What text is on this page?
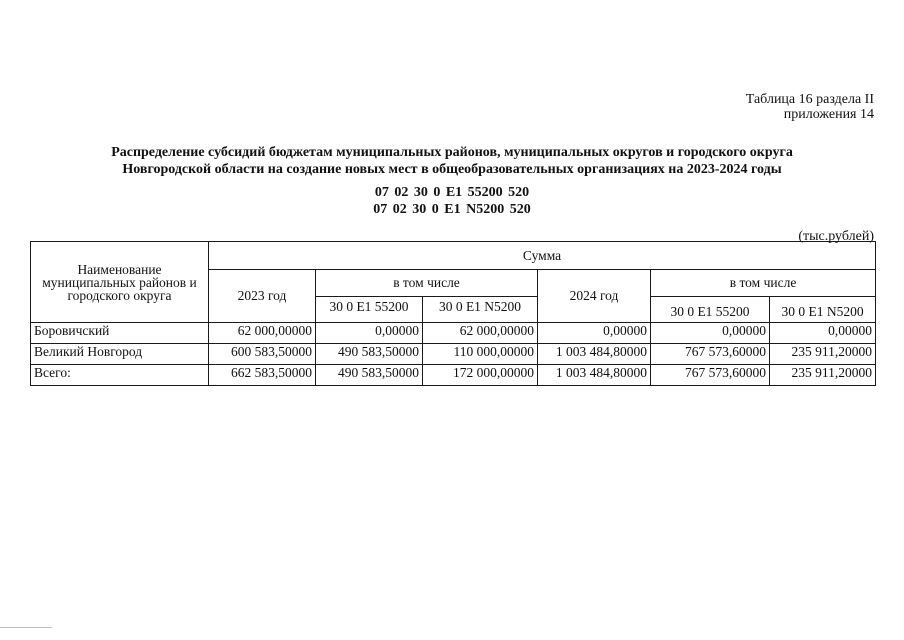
Таблица 16 раздела II
приложения 14
Распределение субсидий бюджетам муниципальных районов, муниципальных округов и городского округа
Новгородской области на создание новых мест в общеобразовательных организациях на 2023-2024 годы
07 02 30 0 Е1 55200 520
07 02 30 0 Е1 N5200 520
(тыс.рублей)
Наименование муниципальных районов и городского округа	Сумма					
	2023 год	в том числе		2024 год	в том числе	
		30 0 Е1 55200	30 0 Е1 N5200		30 0 Е1 55200	30 0 Е1 N5200
Боровичский	62 000,00000	0,00000	62 000,00000	0,00000	0,00000	0,00000
Великий Новгород	600 583,50000	490 583,50000	110 000,00000	1 003 484,80000	767 573,60000	235 911,20000
Всего:	662 583,50000	490 583,50000	172 000,00000	1 003 484,80000	767 573,60000	235 911,20000
